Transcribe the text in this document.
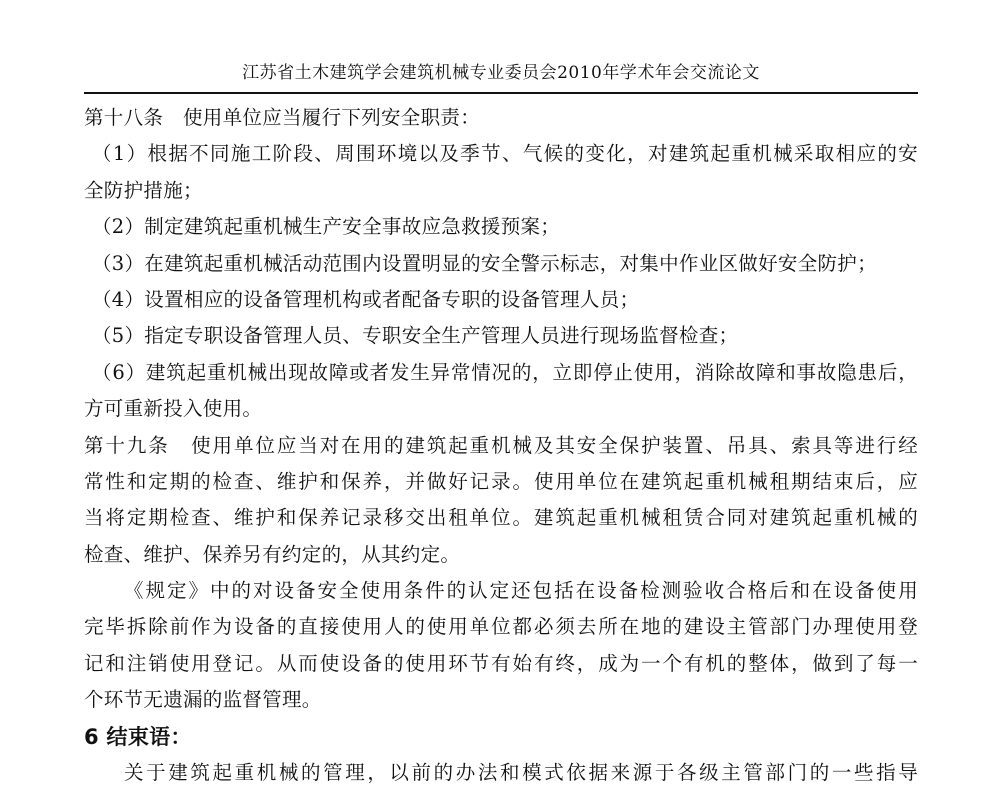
江苏省土木建筑学会建筑机械专业委员会2010年学术年会交流论文
第十八条　使用单位应当履行下列安全职责：
（1）根据不同施工阶段、周围环境以及季节、气候的变化，对建筑起重机械采取相应的安
全防护措施；
（2）制定建筑起重机械生产安全事故应急救援预案；
（3）在建筑起重机械活动范围内设置明显的安全警示标志，对集中作业区做好安全防护；
（4）设置相应的设备管理机构或者配备专职的设备管理人员；
（5）指定专职设备管理人员、专职安全生产管理人员进行现场监督检查；
（6）建筑起重机械出现故障或者发生异常情况的，立即停止使用，消除故障和事故隐患后，
方可重新投入使用。
第十九条　使用单位应当对在用的建筑起重机械及其安全保护装置、吊具、索具等进行经
常性和定期的检查、维护和保养，并做好记录。使用单位在建筑起重机械租期结束后，应
当将定期检查、维护和保养记录移交出租单位。建筑起重机械租赁合同对建筑起重机械的
检查、维护、保养另有约定的，从其约定。
《规定》中的对设备安全使用条件的认定还包括在设备检测验收合格后和在设备使用
完毕拆除前作为设备的直接使用人的使用单位都必须去所在地的建设主管部门办理使用登
记和注销使用登记。从而使设备的使用环节有始有终，成为一个有机的整体，做到了每一
个环节无遗漏的监督管理。
6 结束语：
关于建筑起重机械的管理，以前的办法和模式依据来源于各级主管部门的一些指导
